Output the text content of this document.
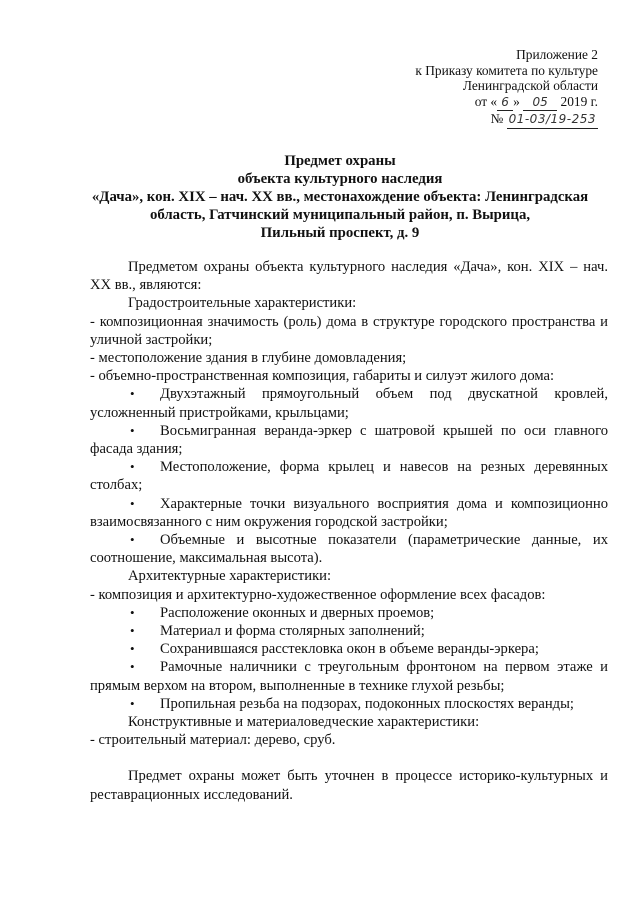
Приложение 2
к Приказу комитета по культуре
Ленинградской области
от « 6 » 05 2019 г.
№ 01-03/19-253
Предмет охраны
объекта культурного наследия
«Дача», кон. XIX – нач. XX вв., местонахождение объекта: Ленинградская
область, Гатчинский муниципальный район, п. Вырица,
Пильный проспект, д. 9
Предметом охраны объекта культурного наследия «Дача», кон. XIX – нач. XX вв., являются:
Градостроительные характеристики:
- композиционная значимость (роль) дома в структуре городского пространства и уличной застройки;
- местоположение здания в глубине домовладения;
- объемно-пространственная композиция, габариты и силуэт жилого дома:
• Двухэтажный прямоугольный объем под двускатной кровлей, усложненный пристройками, крыльцами;
• Восьмигранная веранда-эркер с шатровой крышей по оси главного фасада здания;
• Местоположение, форма крылец и навесов на резных деревянных столбах;
• Характерные точки визуального восприятия дома и композиционно взаимосвязанного с ним окружения городской застройки;
• Объемные и высотные показатели (параметрические данные, их соотношение, максимальная высота).
Архитектурные характеристики:
- композиция и архитектурно-художественное оформление всех фасадов:
• Расположение оконных и дверных проемов;
• Материал и форма столярных заполнений;
• Сохранившаяся расстекловка окон в объеме веранды-эркера;
• Рамочные наличники с треугольным фронтоном на первом этаже и прямым верхом на втором, выполненные в технике глухой резьбы;
• Пропильная резьба на подзорах, подоконных плоскостях веранды;
Конструктивные и материаловедческие характеристики:
- строительный материал: дерево, сруб.
Предмет охраны может быть уточнен в процессе историко-культурных и реставрационных исследований.
